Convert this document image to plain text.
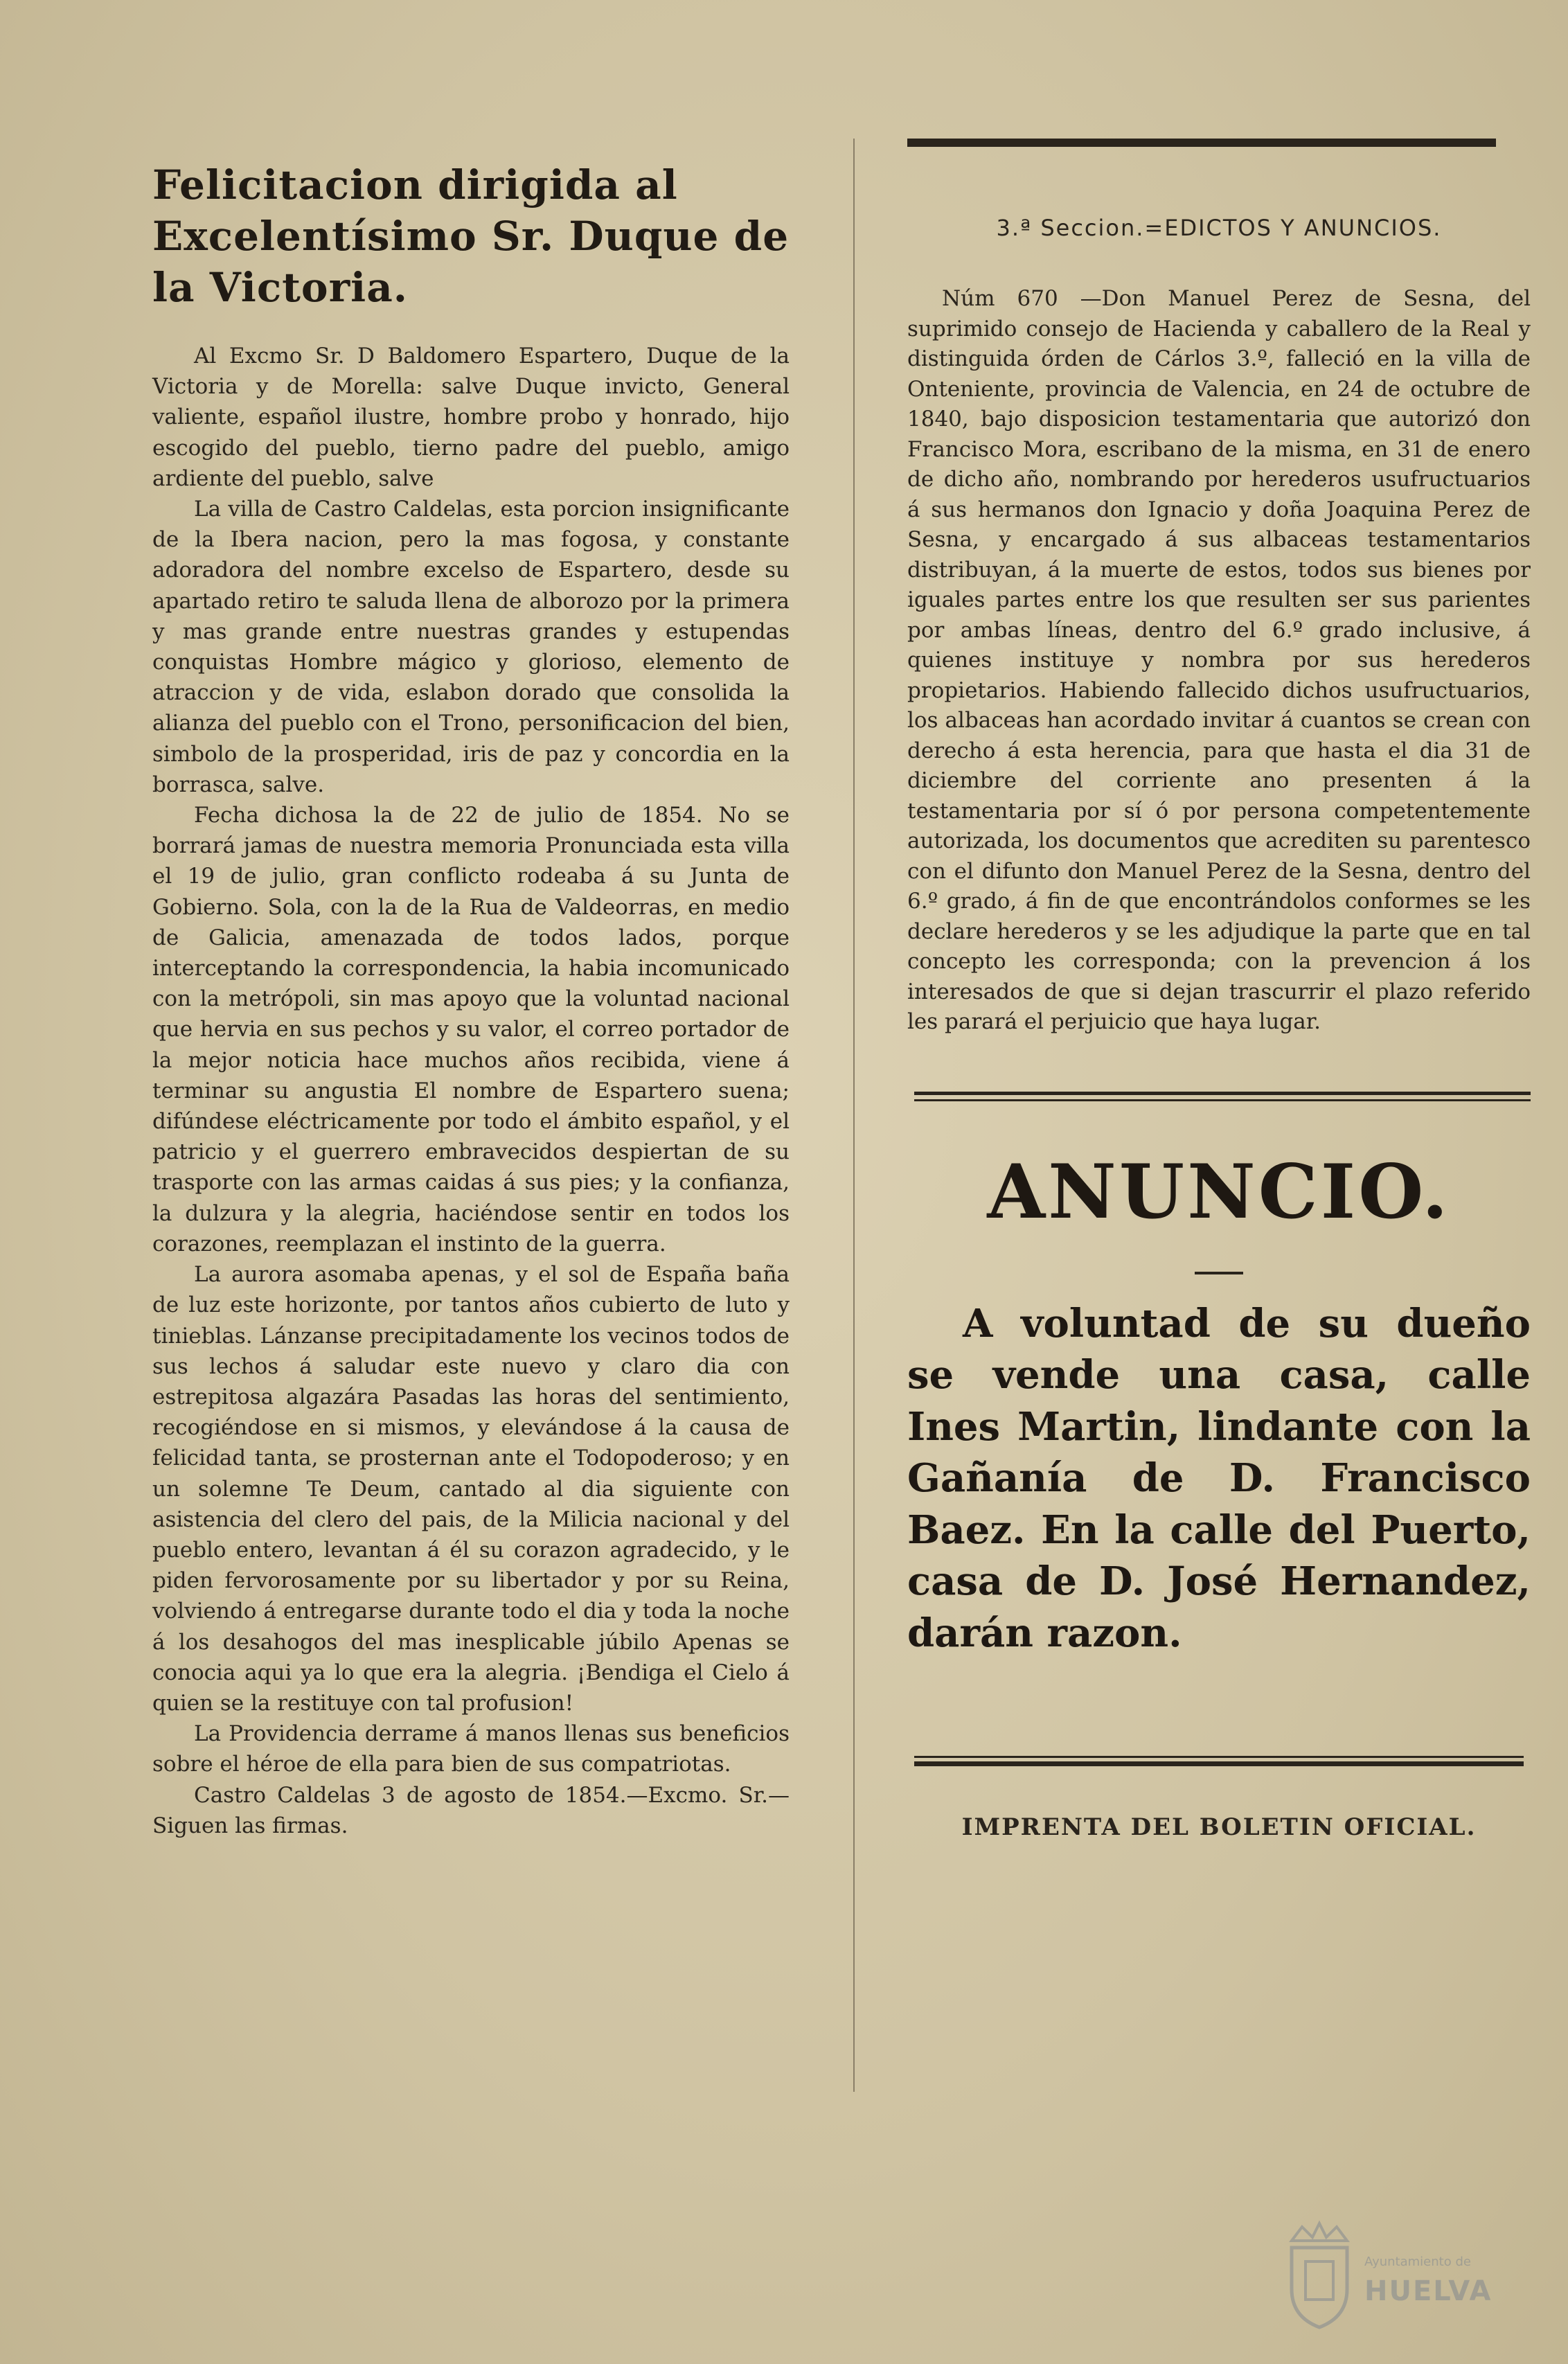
Felicitacion dirigida al Excelentísimo Sr. Duque de la Victoria.

Al Excmo Sr. D Baldomero Espartero, Duque de la Victoria y de Morella: salve Duque invicto, General valiente, español ilustre, hombre probo y honrado, hijo escogido del pueblo, tierno padre del pueblo, amigo ardiente del pueblo, salve

La villa de Castro Caldelas, esta porcion insignificante de la Ibera nacion, pero la mas fogosa, y constante adoradora del nombre excelso de Espartero, desde su apartado retiro te saluda llena de alborozo por la primera y mas grande entre nuestras grandes y estupendas conquistas Hombre mágico y glorioso, elemento de atraccion y de vida, eslabon dorado que consolida la alianza del pueblo con el Trono, personificacion del bien, simbolo de la prosperidad, iris de paz y concordia en la borrasca, salve.

Fecha dichosa la de 22 de julio de 1854. No se borrará jamas de nuestra memoria Pronunciada esta villa el 19 de julio, gran conflicto rodeaba á su Junta de Gobierno. Sola, con la de la Rua de Valdeorras, en medio de Galicia, amenazada de todos lados, porque interceptando la correspondencia, la habia incomunicado con la metrópoli, sin mas apoyo que la voluntad nacional que hervia en sus pechos y su valor, el correo portador de la mejor noticia hace muchos años recibida, viene á terminar su angustia El nombre de Espartero suena; difúndese eléctricamente por todo el ámbito español, y el patricio y el guerrero embravecidos despiertan de su trasporte con las armas caidas á sus pies; y la confianza, la dulzura y la alegria, haciéndose sentir en todos los corazones, reemplazan el instinto de la guerra.

La aurora asomaba apenas, y el sol de España baña de luz este horizonte, por tantos años cubierto de luto y tinieblas. Lánzanse precipitadamente los vecinos todos de sus lechos á saludar este nuevo y claro dia con estrepitosa algazára Pasadas las horas del sentimiento, recogiéndose en si mismos, y elevándose á la causa de felicidad tanta, se prosternan ante el Todopoderoso; y en un solemne Te Deum, cantado al dia siguiente con asistencia del clero del pais, de la Milicia nacional y del pueblo entero, levantan á él su corazon agradecido, y le piden fervorosamente por su libertador y por su Reina, volviendo á entregarse durante todo el dia y toda la noche á los desahogos del mas inesplicable júbilo Apenas se conocia aqui ya lo que era la alegria. ¡Bendiga el Cielo á quien se la restituye con tal profusion!

La Providencia derrame á manos llenas sus beneficios sobre el héroe de ella para bien de sus compatriotas.

Castro Caldelas 3 de agosto de 1854.—Excmo. Sr.—Siguen las firmas.

3.ª Seccion.=EDICTOS Y ANUNCIOS.

Núm 670 —Don Manuel Perez de Sesna, del suprimido consejo de Hacienda y caballero de la Real y distinguida órden de Cárlos 3.º, falleció en la villa de Onteniente, provincia de Valencia, en 24 de octubre de 1840, bajo disposicion testamentaria que autorizó don Francisco Mora, escribano de la misma, en 31 de enero de dicho año, nombrando por herederos usufructuarios á sus hermanos don Ignacio y doña Joaquina Perez de Sesna, y encargado á sus albaceas testamentarios distribuyan, á la muerte de estos, todos sus bienes por iguales partes entre los que resulten ser sus parientes por ambas líneas, dentro del 6.º grado inclusive, á quienes instituye y nombra por sus herederos propietarios. Habiendo fallecido dichos usufructuarios, los albaceas han acordado invitar á cuantos se crean con derecho á esta herencia, para que hasta el dia 31 de diciembre del corriente ano presenten á la testamentaria por sí ó por persona competentemente autorizada, los documentos que acrediten su parentesco con el difunto don Manuel Perez de la Sesna, dentro del 6.º grado, á fin de que encontrándolos conformes se les declare herederos y se les adjudique la parte que en tal concepto les corresponda; con la prevencion á los interesados de que si dejan trascurrir el plazo referido les parará el perjuicio que haya lugar.

ANUNCIO.
A voluntad de su dueño se vende una casa, calle Ines Martin, lindante con la Gañanía de D. Francisco Baez. En la calle del Puerto, casa de D. José Hernandez, darán razon.
IMPRENTA DEL BOLETIN OFICIAL.
Ayuntamiento de
HUELVA
